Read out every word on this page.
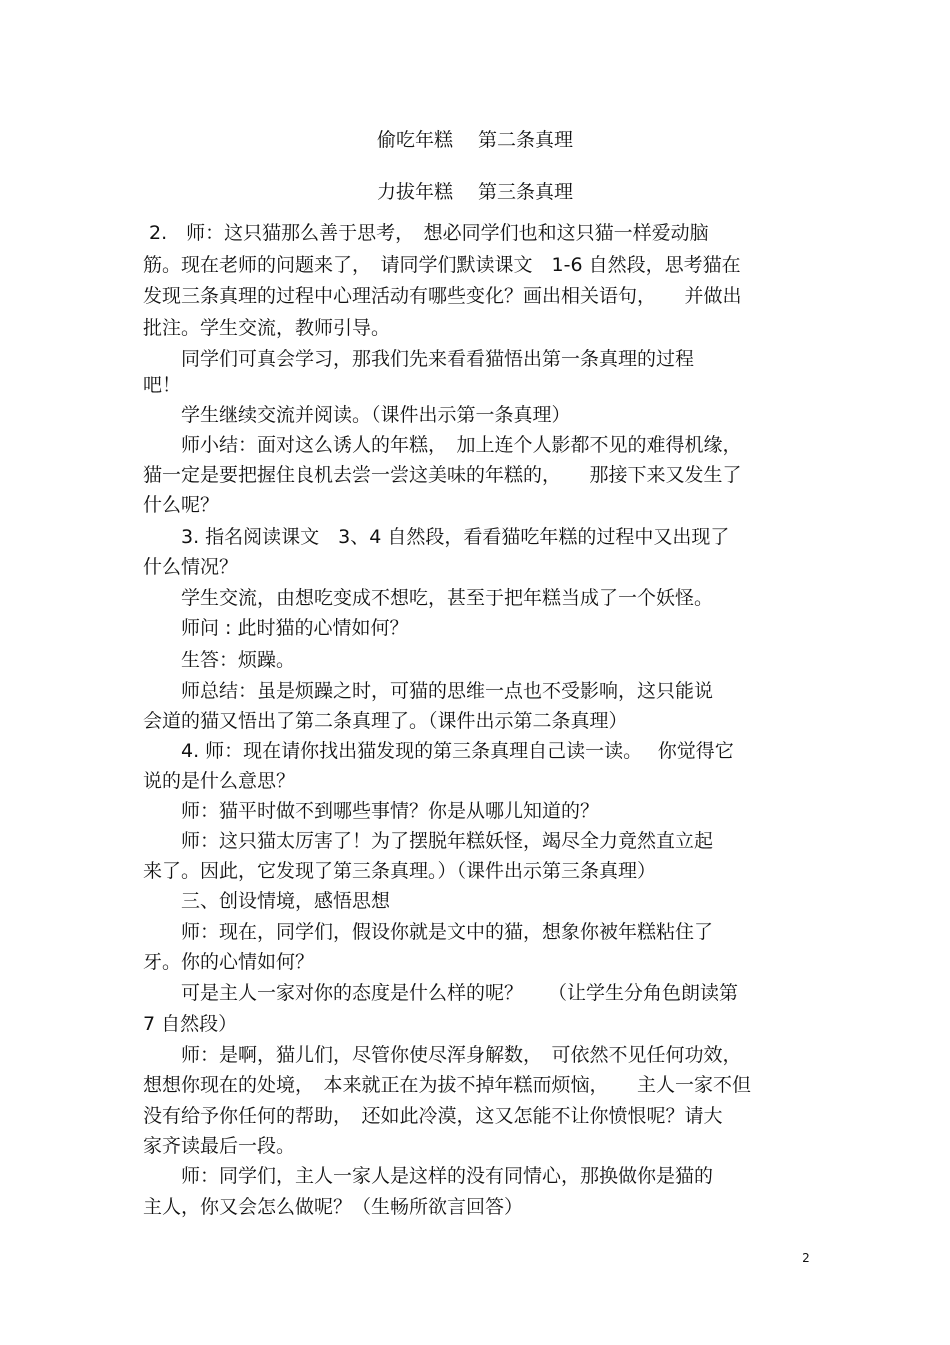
偷吃年糕　 第二条真理
力拔年糕　 第三条真理
2.　师：这只猫那么善于思考，　想必同学们也和这只猫一样爱动脑
筋。现在老师的问题来了，　请同学们默读课文　1-6 自然段，思考猫在
发现三条真理的过程中心理活动有哪些变化？画出相关语句，　　并做出
批注。学生交流，教师引导。
　　同学们可真会学习，那我们先来看看猫悟出第一条真理的过程
吧！
　　学生继续交流并阅读。（课件出示第一条真理）
　　师小结：面对这么诱人的年糕，　加上连个人影都不见的难得机缘，
猫一定是要把握住良机去尝一尝这美味的年糕的，　　那接下来又发生了
什么呢？
　　3. 指名阅读课文　3、4 自然段，看看猫吃年糕的过程中又出现了
什么情况？
　　学生交流，由想吃变成不想吃，甚至于把年糕当成了一个妖怪。
　　师问 : 此时猫的心情如何？
　　生答：烦躁。
　　师总结：虽是烦躁之时，可猫的思维一点也不受影响，这只能说
会道的猫又悟出了第二条真理了。（课件出示第二条真理）
　　4. 师：现在请你找出猫发现的第三条真理自己读一读。　 你觉得它
说的是什么意思？
　　师：猫平时做不到哪些事情？你是从哪儿知道的？
　　师：这只猫太厉害了！为了摆脱年糕妖怪，竭尽全力竟然直立起
来了。因此，它发现了第三条真理。）（课件出示第三条真理）
　　三、创设情境，感悟思想
　　师：现在，同学们，假设你就是文中的猫，想象你被年糕粘住了
牙。你的心情如何？
　　可是主人一家对你的态度是什么样的呢？　 （让学生分角色朗读第
7 自然段）
　　师：是啊，猫儿们，尽管你使尽浑身解数，　可依然不见任何功效，
想想你现在的处境，　本来就正在为拔不掉年糕而烦恼，　　主人一家不但
没有给予你任何的帮助，　还如此冷漠，这又怎能不让你愤恨呢？请大
家齐读最后一段。
　　师：同学们，主人一家人是这样的没有同情心，那换做你是猫的
主人，你又会怎么做呢？（生畅所欲言回答）
2
